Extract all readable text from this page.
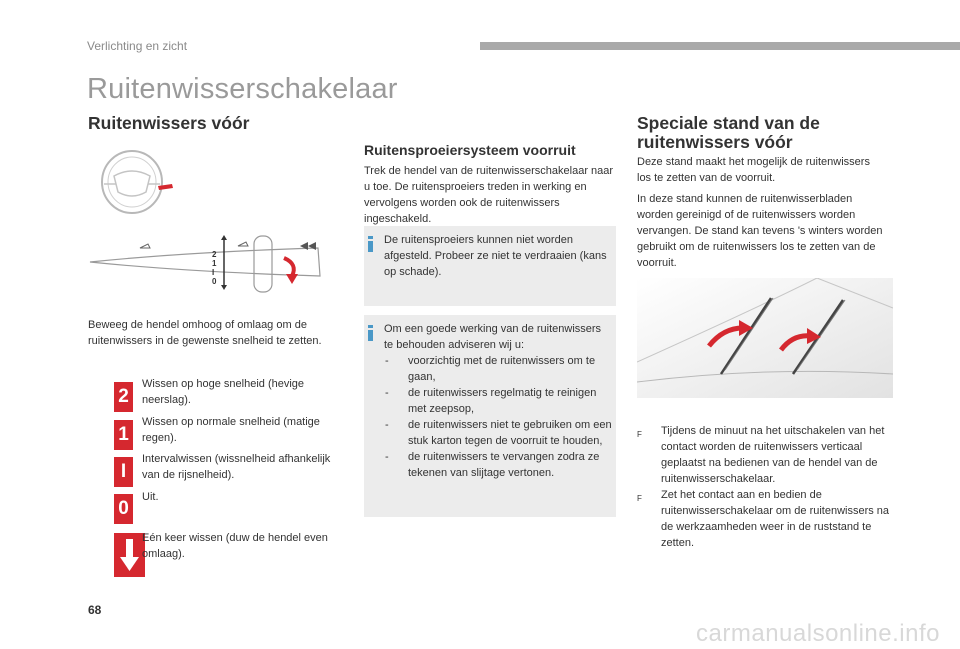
Verlichting en zicht
Ruitenwisserschakelaar
Ruitenwissers vóór
2
1
I
0
Beweeg de hendel omhoog of omlaag om de ruitenwissers in de gewenste snelheid te zetten.
2
Wissen op hoge snelheid (hevige neerslag).
1
Wissen op normale snelheid (matige regen).
I
Intervalwissen (wissnelheid afhankelijk van de rijsnelheid).
0
Uit.
Eén keer wissen (duw de hendel even omlaag).
Ruitensproeiersysteem voorruit
Trek de hendel van de ruitenwisserschakelaar naar u toe. De ruitensproeiers treden in werking en vervolgens worden ook de ruitenwissers ingeschakeld.
De ruitensproeiers kunnen niet worden afgesteld. Probeer ze niet te verdraaien (kans op schade).
Om een goede werking van de ruitenwissers te behouden adviseren wij u:
- voorzichtig met de ruitenwissers om te gaan,
- de ruitenwissers regelmatig te reinigen met zeepsop,
- de ruitenwissers niet te gebruiken om een stuk karton tegen de voorruit te houden,
- de ruitenwissers te vervangen zodra ze tekenen van slijtage vertonen.
Speciale stand van de
ruitenwissers vóór
Deze stand maakt het mogelijk de ruitenwissers los te zetten van de voorruit.
In deze stand kunnen de ruitenwisserbladen worden gereinigd of de ruitenwissers worden vervangen. De stand kan tevens 's winters worden gebruikt om de ruitenwissers los te zetten van de voorruit.
F Tijdens de minuut na het uitschakelen van het contact worden de ruitenwissers verticaal geplaatst na bedienen van de hendel van de ruitenwisserschakelaar.
F Zet het contact aan en bedien de ruitenwisserschakelaar om de ruitenwissers na de werkzaamheden weer in de ruststand te zetten.
68
carmanualsonline.info
